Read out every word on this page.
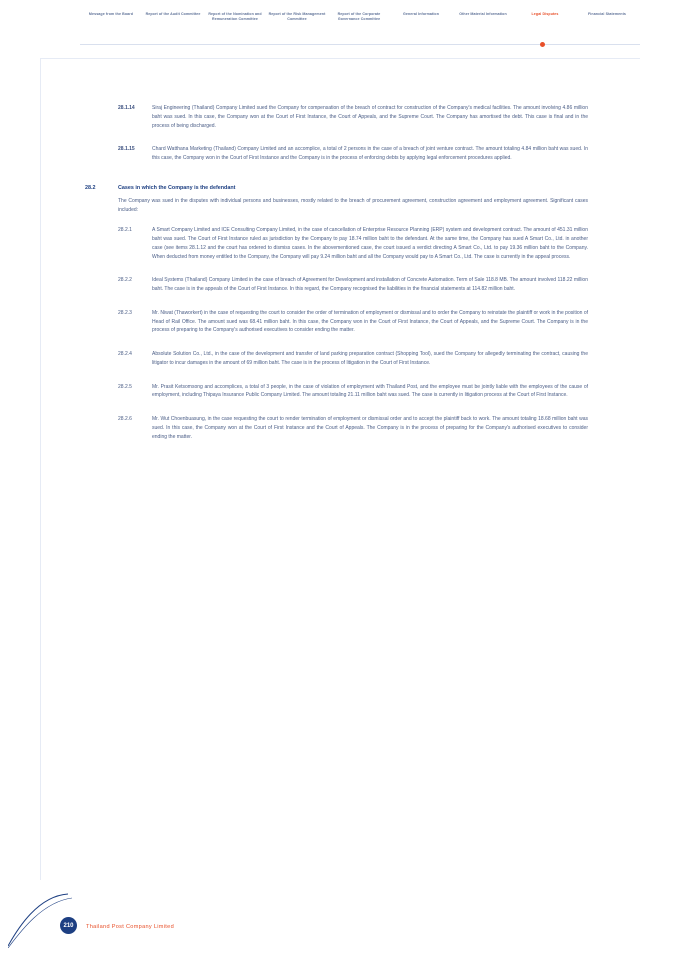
Message from the Board	Report of the Audit Committee	Report of the Nomination and Remuneration Committee
Report of the Risk Management Committee
Report of the Corporate Governance Committee
General Information	Other Material Information	Legal Disputes	Financial Statements
28.1.14	Siraj Engineering (Thailand) Company Limited sued the Company for compensation of the breach of contract for construction of the Company's medical facilities. The amount involving 4.86 million baht was sued. In this case, the Company won at the Court of First Instance, the Court of Appeals, and the Supreme Court. The Company has amortised the debt. This case is final and in the process of being discharged.
28.1.15	Chard Watthana Marketing (Thailand) Company Limited and an accomplice, a total of 2 persons in the case of a breach of joint venture contract. The amount totaling 4.84 million baht was sued. In this case, the Company won in the Court of First Instance and the Company is in the process of enforcing debts by applying legal enforcement procedures applied.
28.2	Cases in which the Company is the defendant
The Company was sued in the disputes with individual persons and businesses, mostly related to the breach of procurement agreement, construction agreement and employment agreement. Significant cases included:
28.2.1	A Smart Company Limited and ICE Consulting Company Limited, in the case of cancellation of Enterprise Resource Planning (ERP) system and development contract. The amount of 451.31 million baht was sued. The Court of First Instance ruled as jurisdiction by the Company to pay 18.74 million baht to the defendant. At the same time, the Company has sued A Smart Co., Ltd. in another case (see items 28.1.12 and the court has ordered to dismiss cases. In the abovementioned case, the court issued a verdict directing A Smart Co., Ltd. to pay 19.36 million baht to the Company. When deducted from money entitled to the Company, the Company will pay 9.24 million baht and all the Company would pay to A Smart Co., Ltd. The case is currently in the appeal process.
28.2.2	Ideal Systems (Thailand) Company Limited in the case of breach of Agreement for Development and installation of Concrete Automation. Term of Sale 118.8 MB. The amount involved 118.22 million baht. The case is in the appeals of the Court of First Instance. In this regard, the Company recognised the liabilities in the financial statements at 114.82 million baht.
28.2.3	Mr. Niwat (Thaworkert) in the case of requesting the court to consider the order of termination of employment or dismissal and to order the Company to reinstate the plaintiff or work in the position of Head of Rail Office. The amount sued was 68.41 million baht. In this case, the Company won in the Court of First Instance, the Court of Appeals, and the Supreme Court. The Company is in the process of preparing to the Company's authorised executives to consider ending the matter.
28.2.4	Absolute Solution Co., Ltd., in the case of the development and transfer of land parking preparation contract (Shopping Tool), sued the Company for allegedly terminating the contract, causing the litigator to incur damages in the amount of 69 million baht. The case is in the process of litigation in the Court of First Instance.
28.2.5	Mr. Prasit Ketsomsong and accomplices, a total of 3 people, in the case of violation of employment with Thailand Post, and the employee must be jointly liable with the employees of the cause of employment, including Thipaya Insurance Public Company Limited. The amount totaling 21.11 million baht was sued. The case is currently in litigation process at the Court of First Instance.
28.2.6	Mr. Wut Choenbuasung, in the case requesting the court to render termination of employment or dismissal order and to accept the plaintiff back to work. The amount totaling 18.68 million baht was sued. In this case, the Company won at the Court of First Instance and the Court of Appeals. The Company is in the process of preparing for the Company's authorised executives to consider ending the matter.
210	Thailand Post Company Limited
